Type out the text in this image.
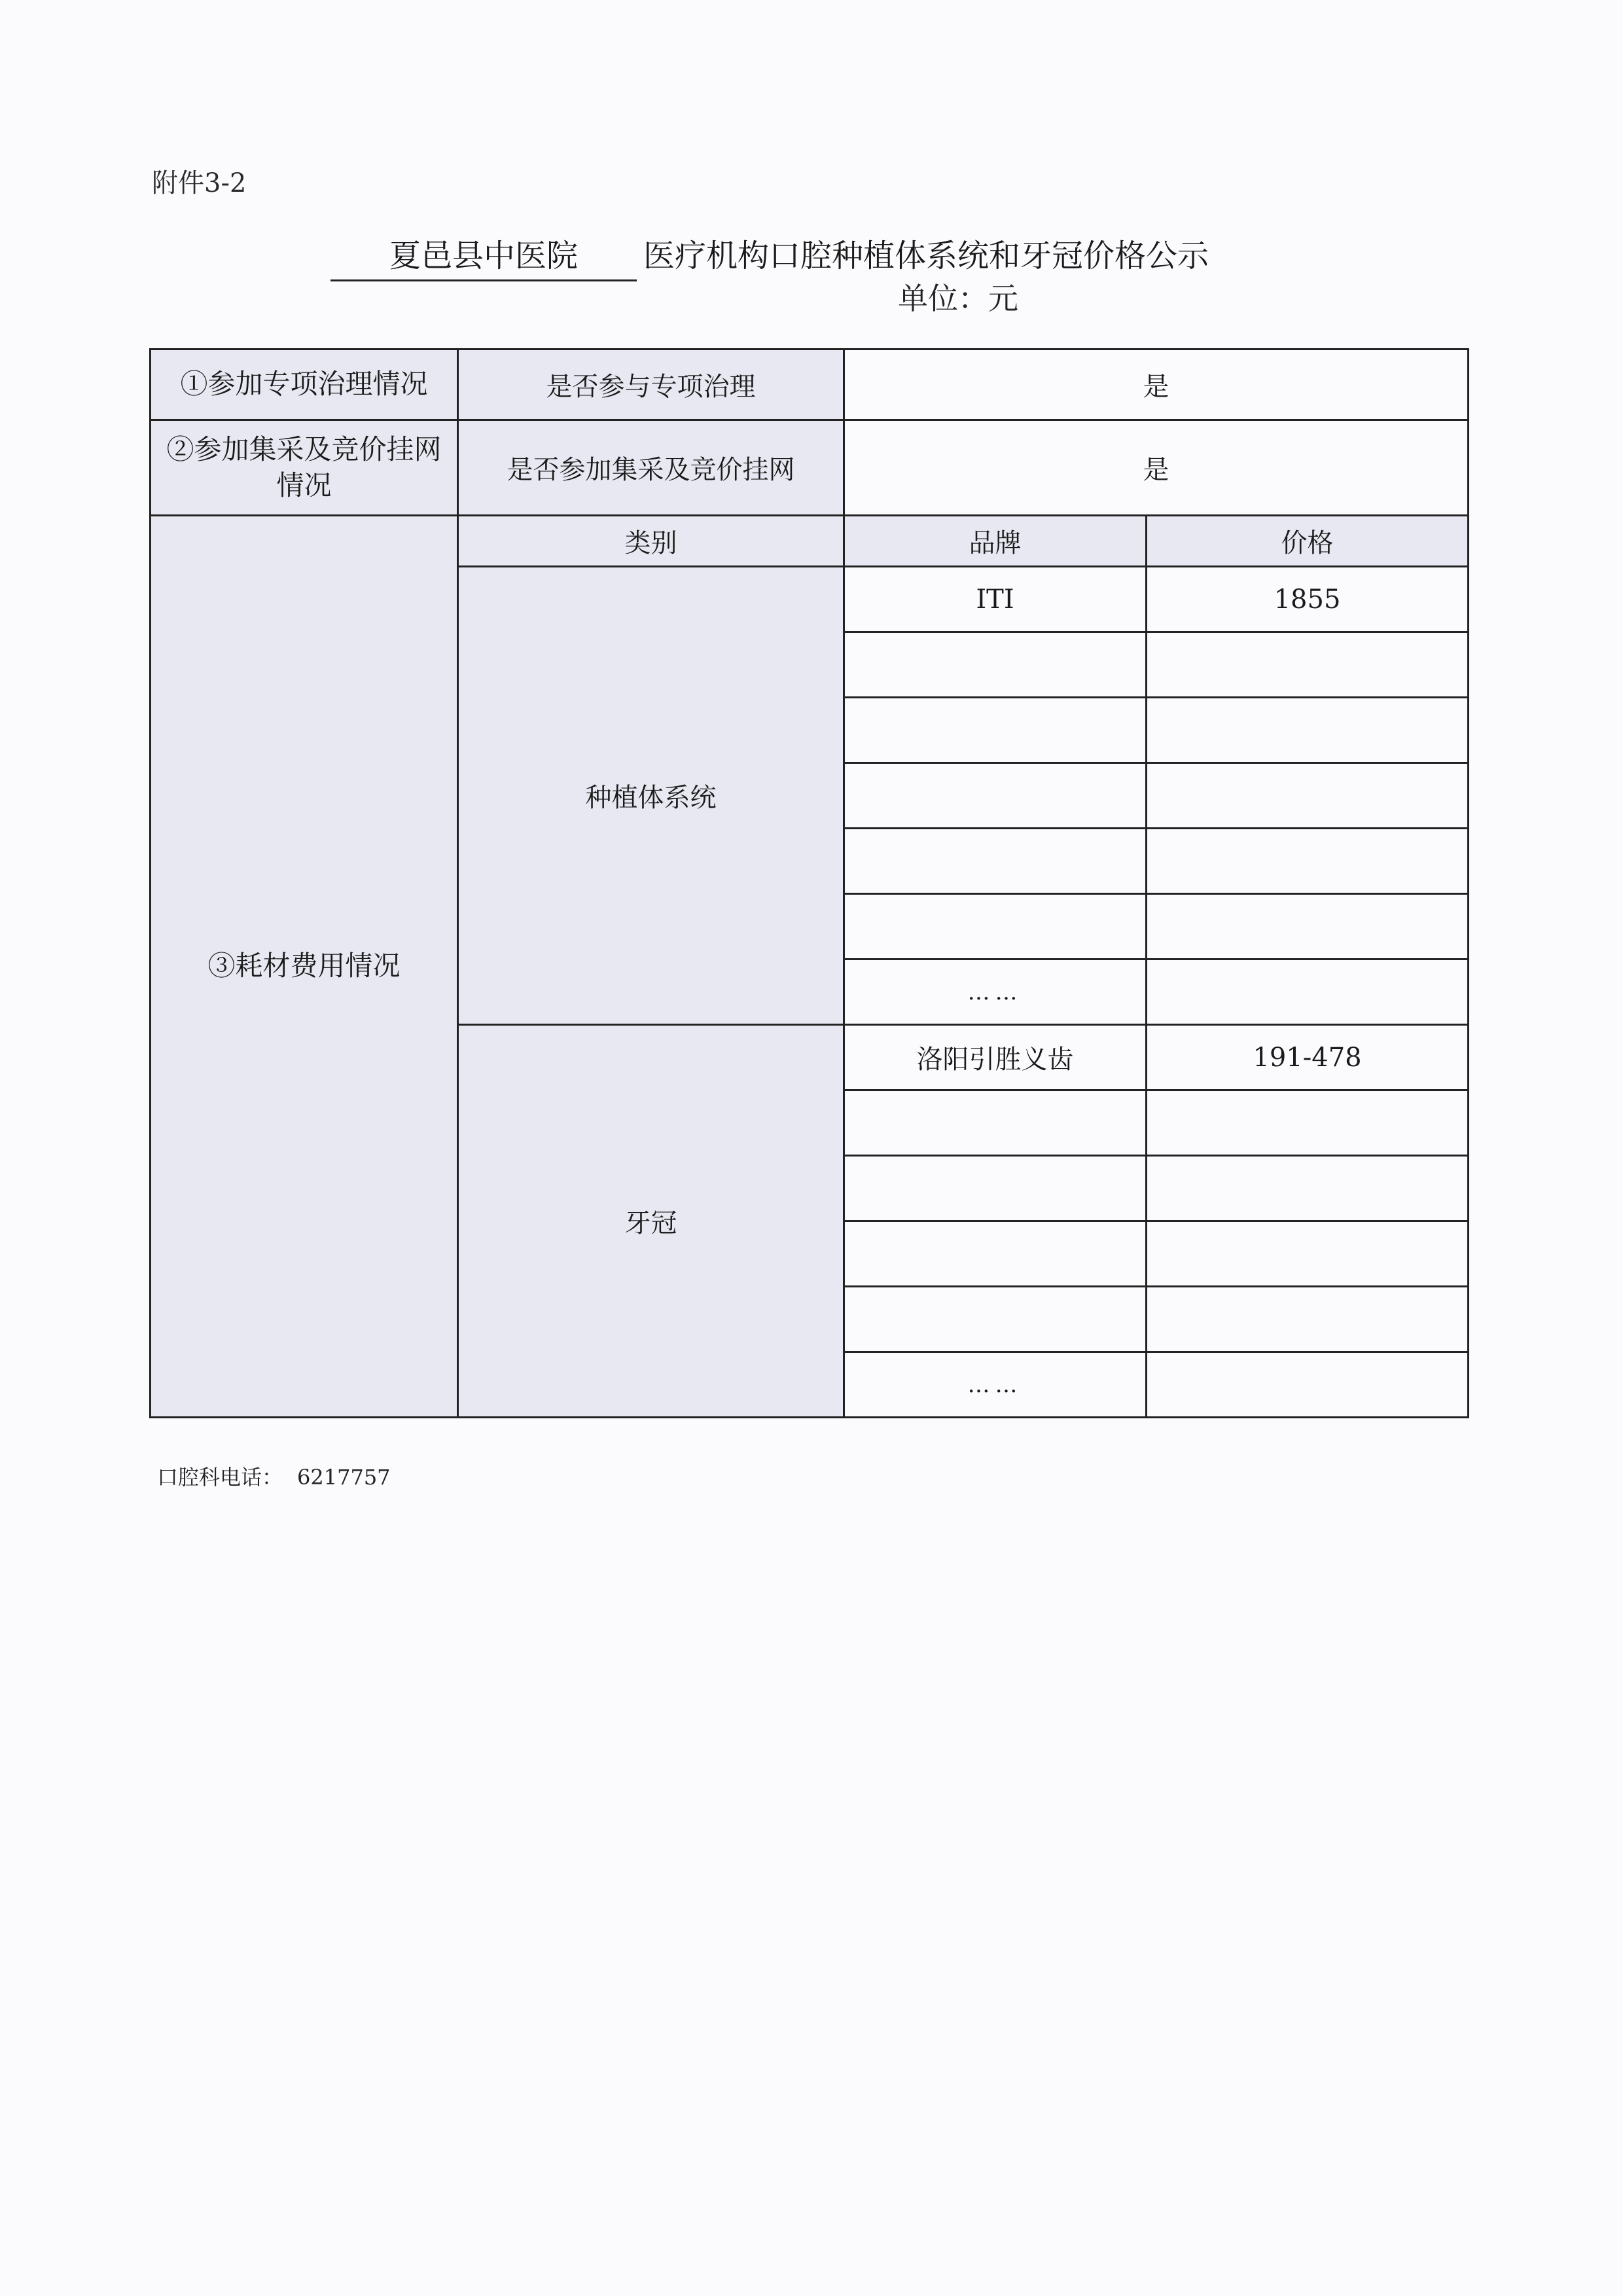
附件3-2
夏邑县中医院	医疗机构口腔种植体系统和牙冠价格公示
单位：元
①参加专项治理情况	是否参与专项治理	是	

②参加集采及竞价挂网
情况	是否参加集采及竞价挂网	是	
③耗材费用情况	类别	品牌	价格
	种植体系统	ITI	1855

		……	
	牙冠	洛阳引胜义齿	191-478

		……	
口腔科电话： 6217757
